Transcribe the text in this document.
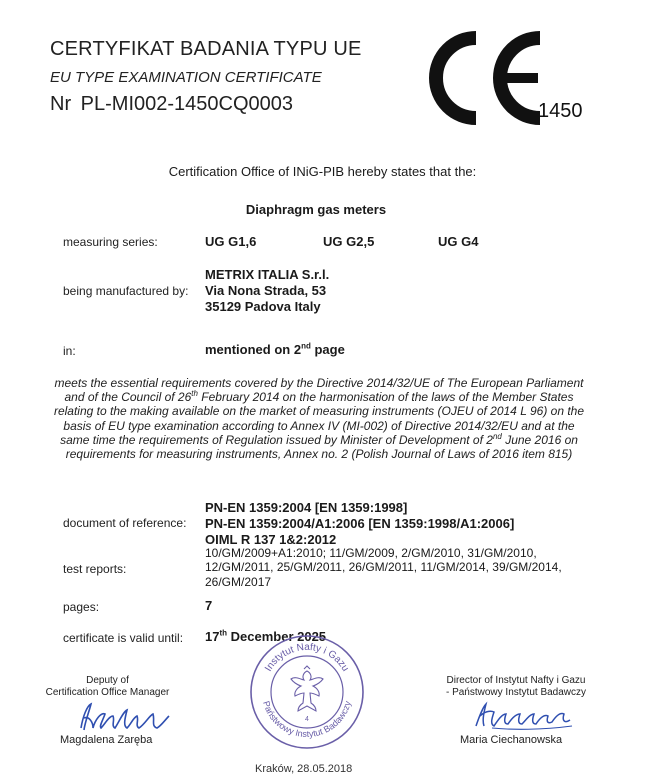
CERTYFIKAT BADANIA TYPU UE
EU TYPE EXAMINATION CERTIFICATE
Nr PL-MI002-1450CQ0003	1450
Certification Office of INiG-PIB hereby states that the:
Diaphragm gas meters
measuring series:	UG G1,6	UG G2,5	UG G4
being manufactured by:
METRIX ITALIA S.r.l.
Via Nona Strada, 53
35129 Padova Italy
in:	mentioned on 2nd page
meets the essential requirements covered by the Directive 2014/32/UE of The European Parliament and of the Council of 26th February 2014 on the harmonisation of the laws of the Member States relating to the making available on the market of measuring instruments (OJEU of 2014 L 96) on the basis of EU type examination according to Annex IV (MI-002) of Directive 2014/32/EU and at the same time the requirements of Regulation issued by Minister of Development of 2nd June 2016 on requirements for measuring instruments, Annex no. 2 (Polish Journal of Laws of 2016 item 815)
document of reference:
PN-EN 1359:2004 [EN 1359:1998]
PN-EN 1359:2004/A1:2006 [EN 1359:1998/A1:2006]
OIML R 137 1&2:2012
test reports:
10/GM/2009+A1:2010; 11/GM/2009, 2/GM/2010, 31/GM/2010,
12/GM/2011, 25/GM/2011, 26/GM/2011, 11/GM/2014, 39/GM/2014,
26/GM/2017
pages:	7
certificate is valid until: 17th December 2025
Instytut Nafty i Gazu
Państwowy Instytut Badawczy
4
Deputy of
Certification Office Manager
Magdalena Zaręba
Director of Instytut Nafty i Gazu
- Państwowy Instytut Badawczy
Maria Ciechanowska
Kraków, 28.05.2018
